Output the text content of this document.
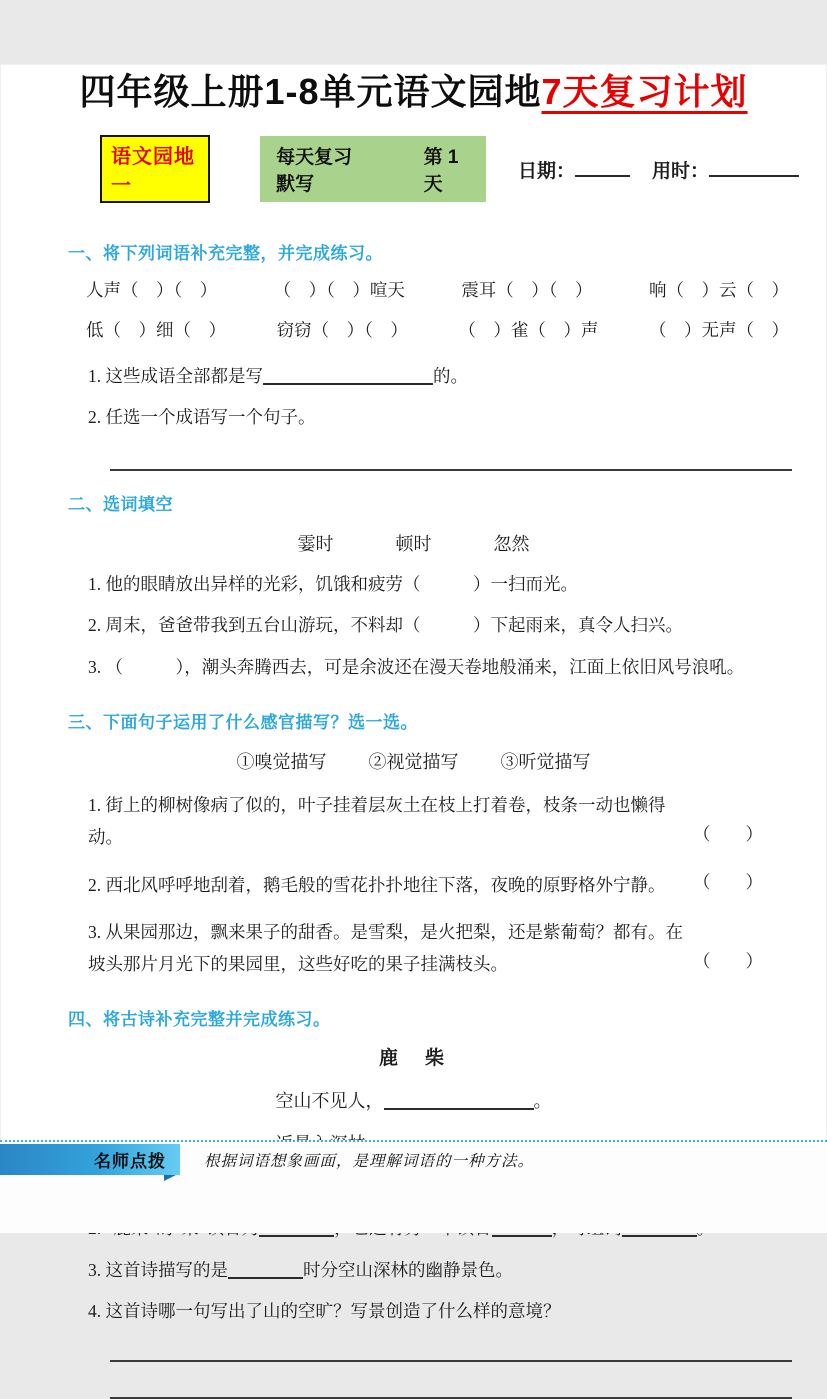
四年级上册1-8单元语文园地7天复习计划
语文园地一
每天复习默写
第 1 天
日期：	用时：
一、将下列词语补充完整，并完成练习。
人声（　）（　）	（　）（　）喧天	震耳（　）（　）	响（　）云（　）
低（　）细（　）	窃窃（　）（　）	（　）雀（　）声	（　）无声（　）
1. 这些成语全部都是写	的。
2. 任选一个成语写一个句子。
二、选词填空
霎时	顿时	忽然
1. 他的眼睛放出异样的光彩，饥饿和疲劳（　　　）一扫而光。
2. 周末，爸爸带我到五台山游玩，不料却（　　　）下起雨来，真令人扫兴。
3. （　　　），潮头奔腾西去，可是余波还在漫天卷地般涌来，江面上依旧风号浪吼。
三、下面句子运用了什么感官描写？选一选。
①嗅觉描写 ②视觉描写 ③听觉描写
1. 街上的柳树像病了似的，叶子挂着层灰土在枝上打着卷，枝条一动也懒得动。	（　　）
2. 西北风呼呼地刮着，鹅毛般的雪花扑扑地往下落，夜晚的原野格外宁静。 （　　）
3. 从果园那边，飘来果子的甜香。是雪梨，是火把梨，还是紫葡萄？都有。在坡头那片月光下的果园里，这些好吃的果子挂满枝头。	（　　）
四、将古诗补充完整并完成练习。
鹿　柴
空山不见人，	。
3. 这首诗描写的是	时分空山深林的幽静景色。
4. 这首诗哪一句写出了山的空旷？写景创造了什么样的意境？
名师点拨	根据词语想象画面，是理解词语的一种方法。
